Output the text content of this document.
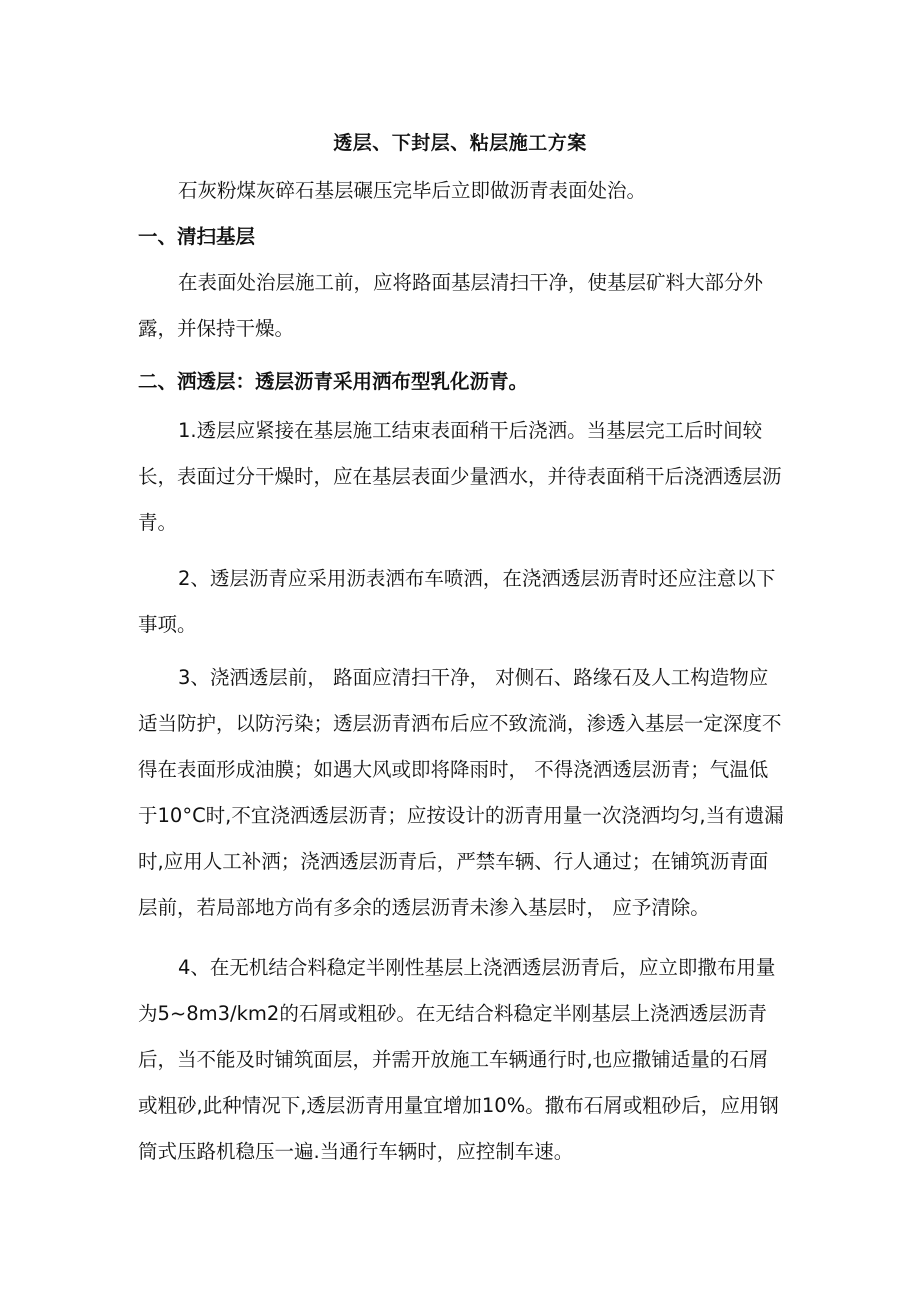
透层、下封层、粘层施工方案

石灰粉煤灰碎石基层碾压完毕后立即做沥青表面处治。

一、清扫基层

在表面处治层施工前，应将路面基层清扫干净，使基层矿料大部分外露，并保持干燥。

二、洒透层：透层沥青采用洒布型乳化沥青。

1.透层应紧接在基层施工结束表面稍干后浇洒。当基层完工后时间较长，表面过分干燥时，应在基层表面少量洒水，并待表面稍干后浇洒透层沥青。

2、透层沥青应采用沥表洒布车喷洒，在浇洒透层沥青时还应注意以下事项。

3、浇洒透层前， 路面应清扫干净， 对侧石、路缘石及人工构造物应适当防护，以防污染；透层沥青洒布后应不致流淌，渗透入基层一定深度不得在表面形成油膜；如遇大风或即将降雨时， 不得浇洒透层沥青；气温低于10°C时,不宜浇洒透层沥青；应按设计的沥青用量一次浇洒均匀,当有遗漏时,应用人工补洒；浇洒透层沥青后，严禁车辆、行人通过；在铺筑沥青面层前，若局部地方尚有多余的透层沥青未渗入基层时， 应予清除。

4、在无机结合料稳定半刚性基层上浇洒透层沥青后，应立即撒布用量为5~8m3/km2的石屑或粗砂。在无结合料稳定半刚基层上浇洒透层沥青后，当不能及时铺筑面层，并需开放施工车辆通行时,也应撒铺适量的石屑或粗砂,此种情况下,透层沥青用量宜增加10%。撒布石屑或粗砂后，应用钢筒式压路机稳压一遍.当通行车辆时，应控制车速。
